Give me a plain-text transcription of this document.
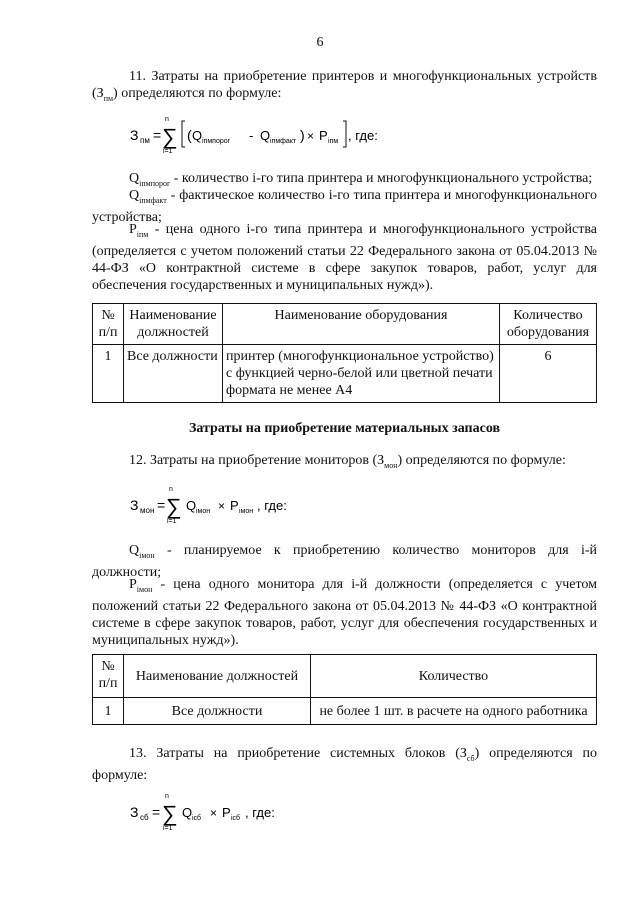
6
11. Затраты на приобретение принтеров и многофункциональных устройств $(З_{пм})$ определяются по формуле:
З пм =
n
∑
i=1
( Q iпмпорог - Q iпмфакт ) × P iпм , где:
$Q_{iпмпорог}$ - количество i-го типа принтера и многофункционального устройства;
$Q_{iпмфакт}$ - фактическое количество i-го типа принтера и многофункционального устройства;
$P_{iпм}$ - цена одного i-го типа принтера и многофункционального устройства (определяется с учетом положений статьи 22 Федерального закона от 05.04.2013 № 44-ФЗ «О контрактной системе в сфере закупок товаров, работ, услуг для обеспечения государственных и муниципальных нужд»).
№ п/п	Наименование должностей	Наименование оборудования	Количество оборудования
1	Все должности	принтер (многофункциональное устройство) с функцией черно-белой или цветной печати формата не менее А4	6
Затраты на приобретение материальных запасов
12. Затраты на приобретение мониторов $(З_{мон})$ определяются по формуле:
З мон =
n
∑
i=1
Q iмон × P iмон , где:
$Q_{iмон}$ - планируемое к приобретению количество мониторов для i-й должности;
$P_{iмон}$ - цена одного монитора для i-й должности (определяется с учетом положений статьи 22 Федерального закона от 05.04.2013 № 44-ФЗ «О контрактной системе в сфере закупок товаров, работ, услуг для обеспечения государственных и муниципальных нужд»).
№ п/п	Наименование должностей	Количество
1	Все должности	не более 1 шт. в расчете на одного работника
13. Затраты на приобретение системных блоков $(З_{сб})$ определяются по формуле:
З сб =
n
∑
i=1
Q iсб × P iсб , где:
